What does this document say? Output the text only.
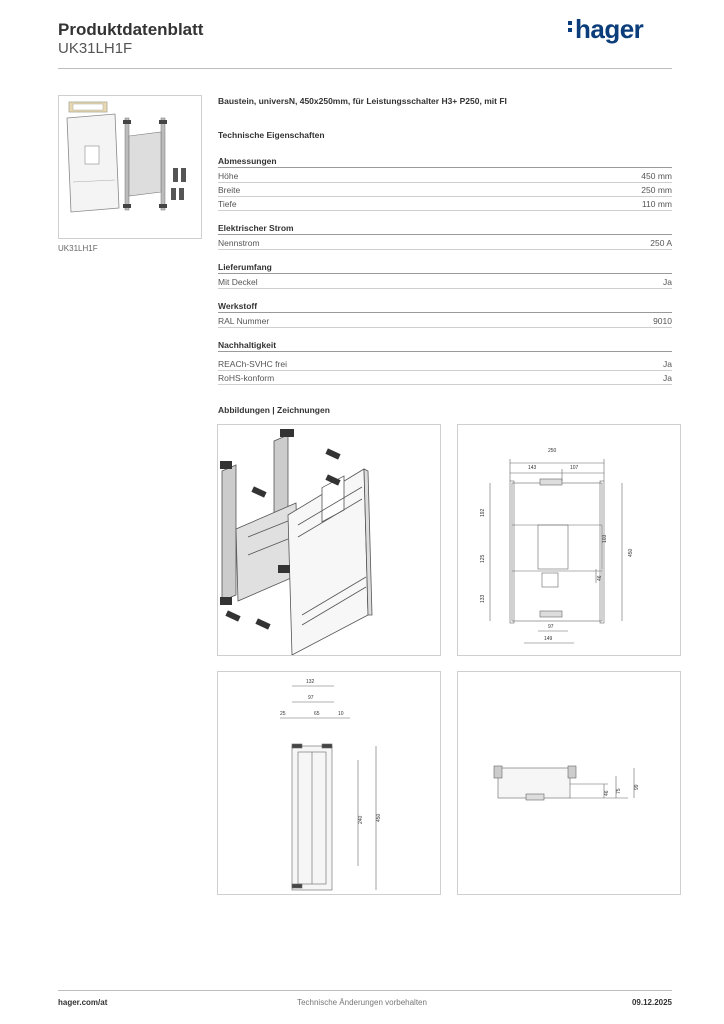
Produktdatenblatt
UK31LH1F
hager
UK31LH1F
Baustein, universN, 450x250mm, für Leistungsschalter H3+ P250, mit FI
Technische Eigenschaften
Abmessungen
Höhe	450 mm
Breite	250 mm
Tiefe	110 mm
Elektrischer Strom
Nennstrom	250 A
Lieferumfang
Mit Deckel	Ja
Werkstoff
RAL Nummer	9010
Nachhaltigkeit
REACh-SVHC frei	Ja
RoHS-konform	Ja
Abbildungen | Zeichnungen
250
143	107
192
125
133
450
103
46
97
149
132
97
25	65	10
240 450
46 75
99
hager.com/at	Technische Änderungen vorbehalten	09.12.2025
